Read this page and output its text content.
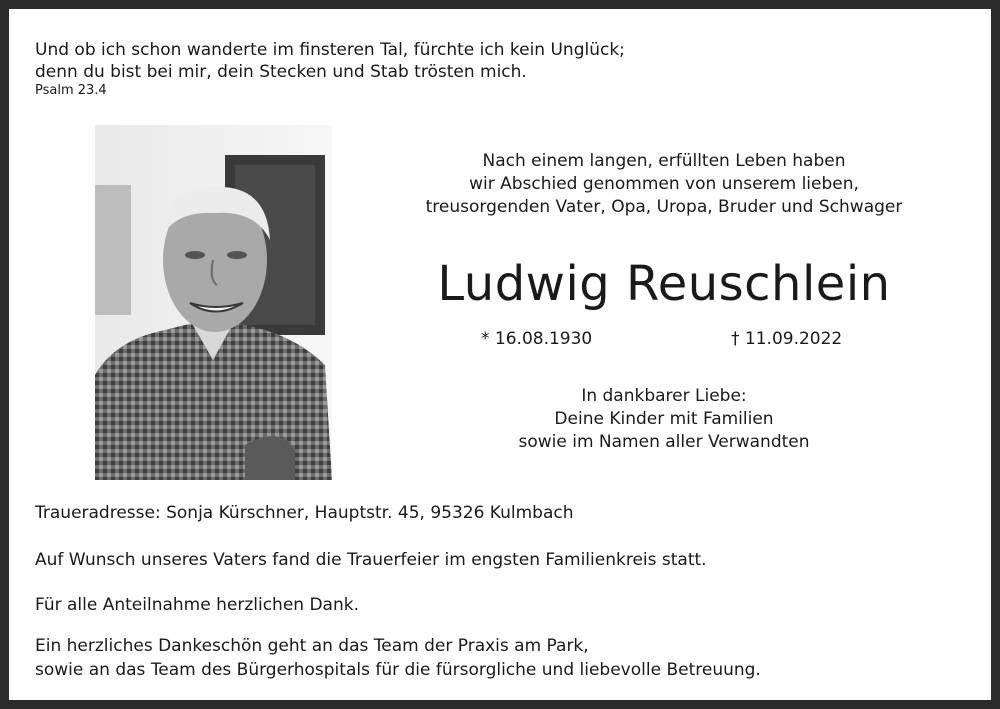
Und ob ich schon wanderte im finsteren Tal, fürchte ich kein Unglück;
denn du bist bei mir, dein Stecken und Stab trösten mich.
Psalm 23.4
Nach einem langen, erfüllten Leben haben
wir Abschied genommen von unserem lieben,
treusorgenden Vater, Opa, Uropa, Bruder und Schwager
Ludwig Reuschlein
* 16.08.1930	† 11.09.2022
In dankbarer Liebe:
Deine Kinder mit Familien
sowie im Namen aller Verwandten
Traueradresse: Sonja Kürschner, Hauptstr. 45, 95326 Kulmbach
Auf Wunsch unseres Vaters fand die Trauerfeier im engsten Familienkreis statt.
Für alle Anteilnahme herzlichen Dank.
Ein herzliches Dankeschön geht an das Team der Praxis am Park,
sowie an das Team des Bürgerhospitals für die fürsorgliche und liebevolle Betreuung.
